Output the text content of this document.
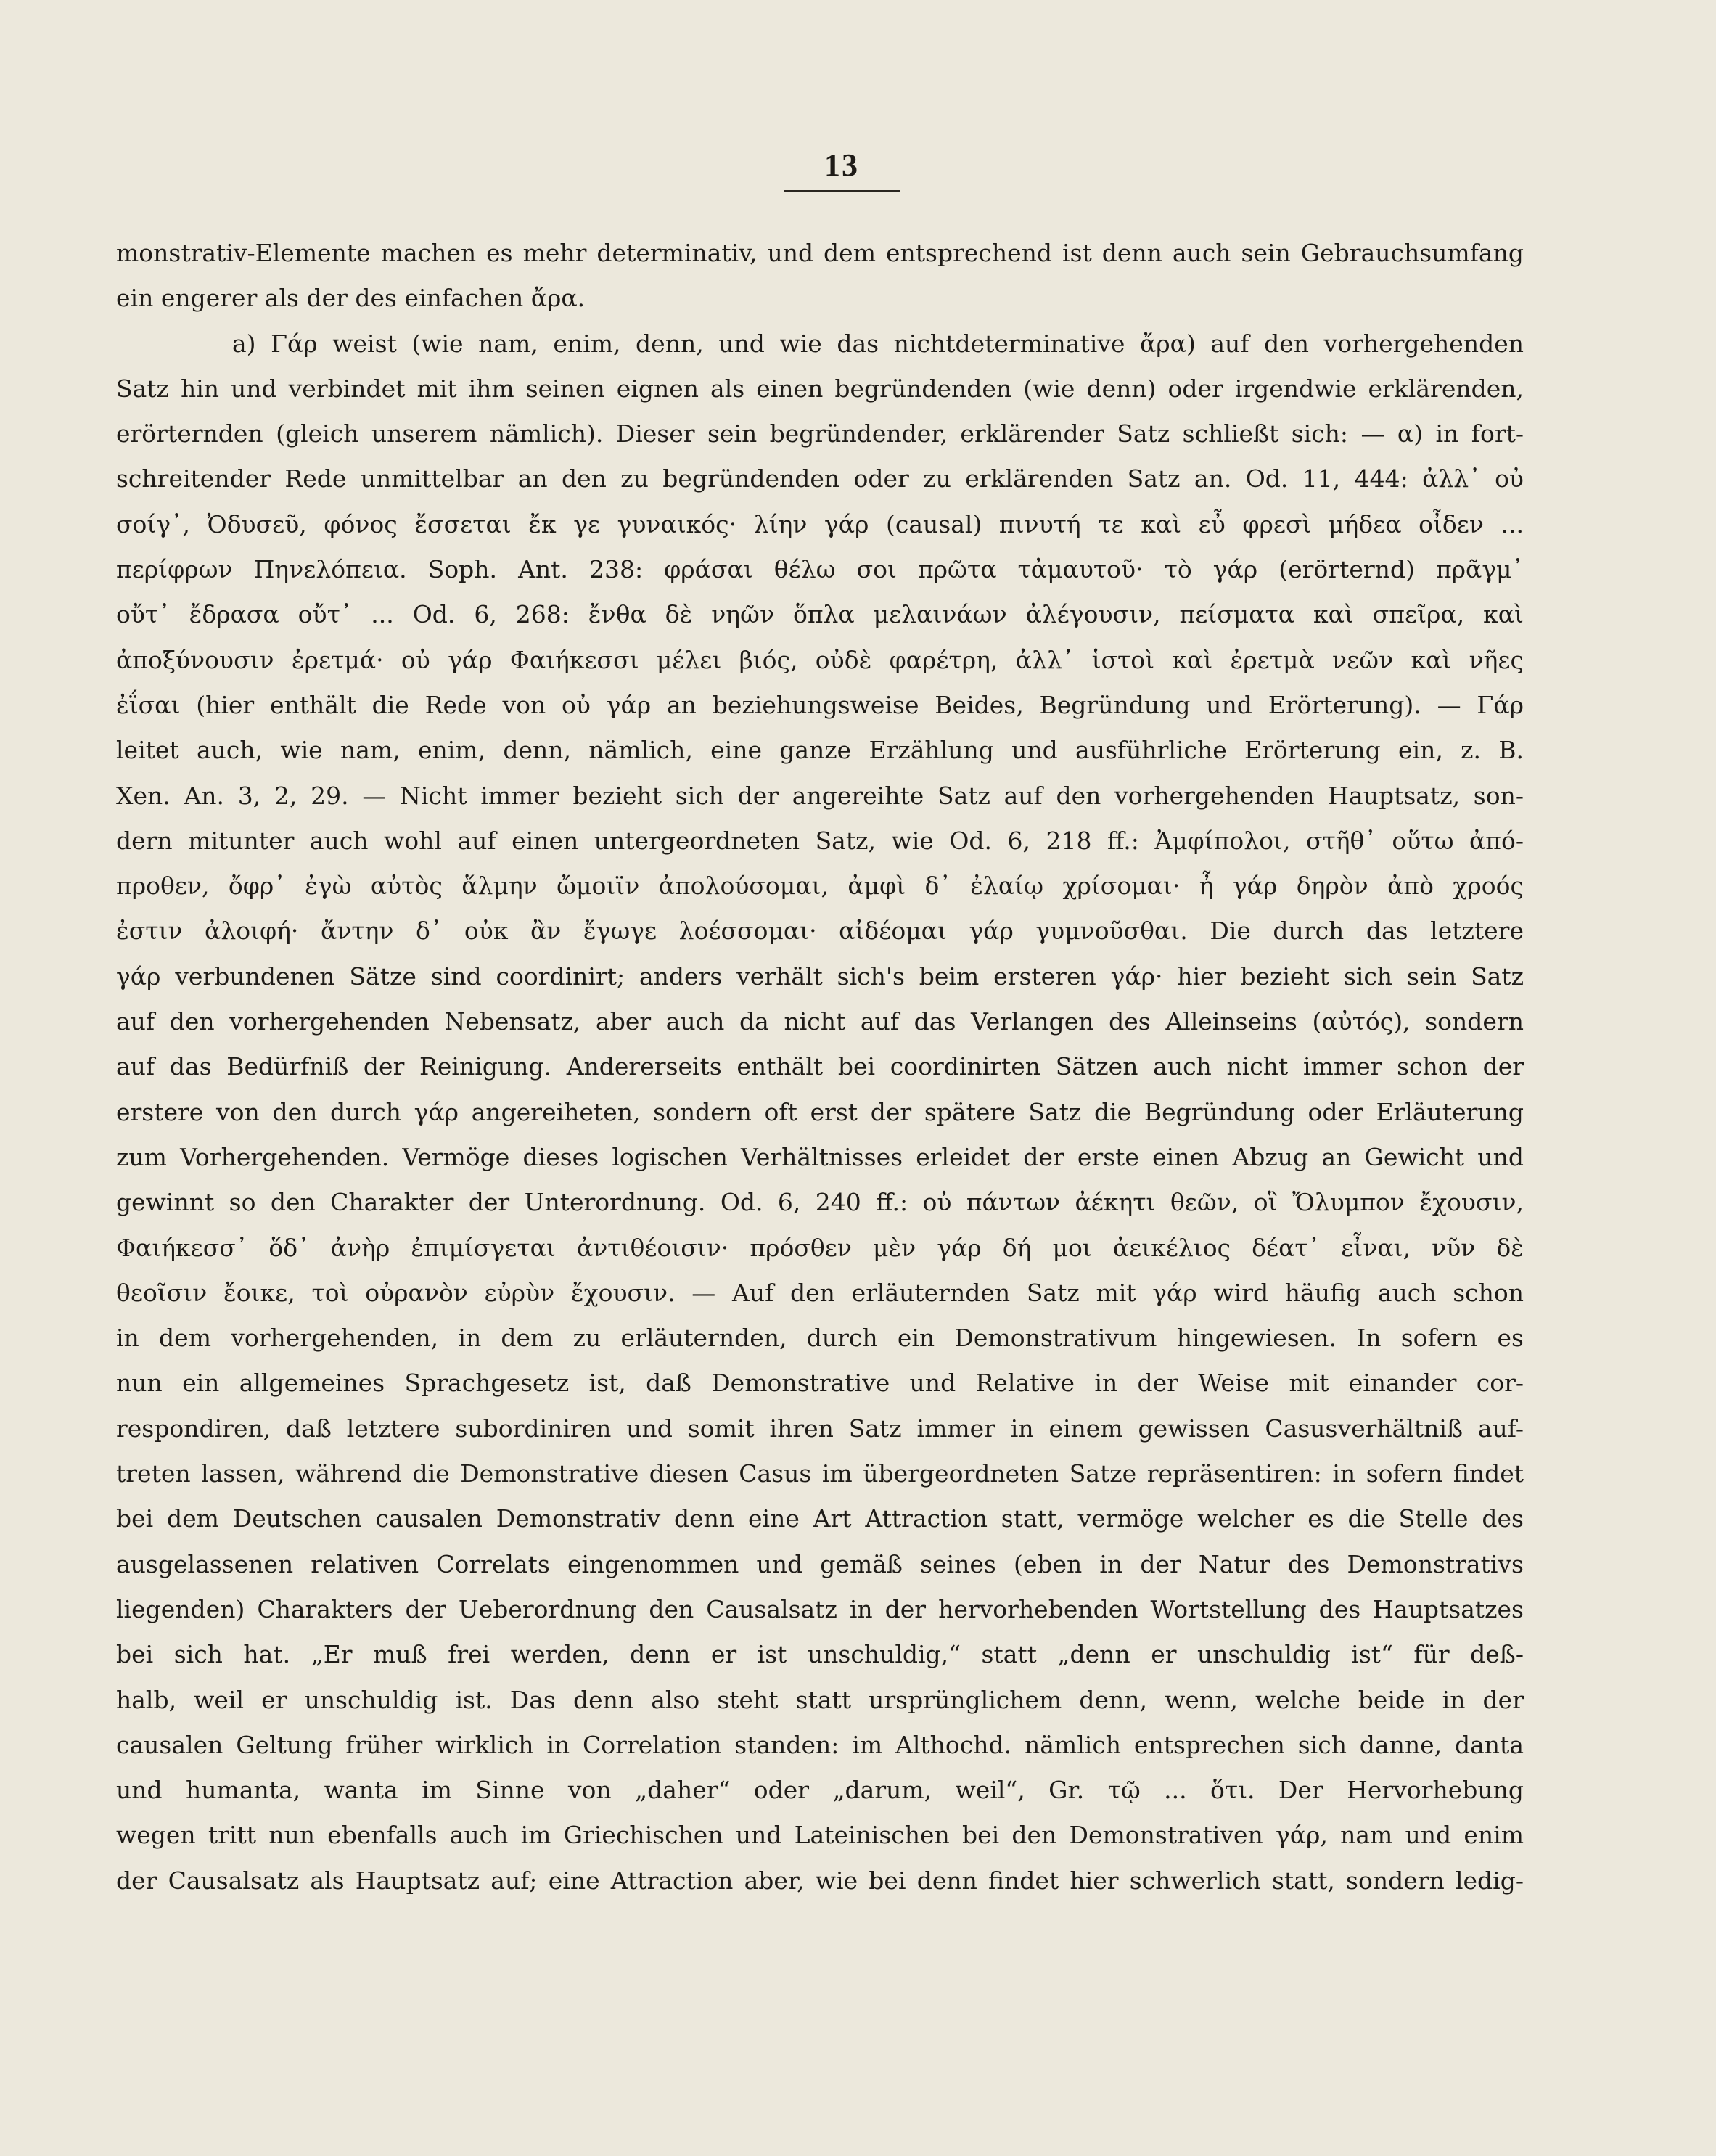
13
monstrativ-Elemente machen es mehr determinativ, und dem entsprechend ist denn auch sein Gebrauchsumfang
ein engerer als der des einfachen ἄρα.
a) Γάρ weist (wie nam, enim, denn, und wie das nichtdeterminative ἄρα) auf den vorhergehenden
Satz hin und verbindet mit ihm seinen eignen als einen begründenden (wie denn) oder irgendwie erklärenden,
erörternden (gleich unserem nämlich). Dieser sein begründender, erklärender Satz schließt sich: — α) in fort-
schreitender Rede unmittelbar an den zu begründenden oder zu erklärenden Satz an. Od. 11, 444: ἀλλ᾽ οὐ
σοίγ᾽, Ὀδυσεῦ, φόνος ἔσσεται ἔκ γε γυναικός· λίην γάρ (causal) πινυτή τε καὶ εὖ φρεσὶ μήδεα οἶδεν ...
περίφρων Πηνελόπεια. Soph. Ant. 238: φράσαι θέλω σοι πρῶτα τἀμαυτοῦ· τὸ γάρ (erörternd) πρᾶγμ᾽
οὔτ᾽ ἔδρασα οὔτ᾽ ... Od. 6, 268: ἔνθα δὲ νηῶν ὅπλα μελαινάων ἀλέγουσιν, πείσματα καὶ σπεῖρα, καὶ
ἀποξύνουσιν ἐρετμά· οὐ γάρ Φαιήκεσσι μέλει βιός, οὐδὲ φαρέτρη, ἀλλ᾽ ἱστοὶ καὶ ἐρετμὰ νεῶν καὶ νῆες
ἐΐσαι (hier enthält die Rede von οὐ γάρ an beziehungsweise Beides, Begründung und Erörterung). — Γάρ
leitet auch, wie nam, enim, denn, nämlich, eine ganze Erzählung und ausführliche Erörterung ein, z. B.
Xen. An. 3, 2, 29. — Nicht immer bezieht sich der angereihte Satz auf den vorhergehenden Hauptsatz, son-
dern mitunter auch wohl auf einen untergeordneten Satz, wie Od. 6, 218 ff.: Ἀμφίπολοι, στῆθ᾽ οὕτω ἀπό-
προθεν, ὄφρ᾽ ἐγὼ αὐτὸς ἅλμην ὤμοιϊν ἀπολούσομαι, ἀμφὶ δ᾽ ἐλαίῳ χρίσομαι· ἦ γάρ δηρὸν ἀπὸ χροός
ἐστιν ἀλοιφή· ἄντην δ᾽ οὐκ ἂν ἔγωγε λοέσσομαι· αἰδέομαι γάρ γυμνοῦσθαι. Die durch das letztere
γάρ verbundenen Sätze sind coordinirt; anders verhält sich's beim ersteren γάρ· hier bezieht sich sein Satz
auf den vorhergehenden Nebensatz, aber auch da nicht auf das Verlangen des Alleinseins (αὐτός), sondern
auf das Bedürfniß der Reinigung. Andererseits enthält bei coordinirten Sätzen auch nicht immer schon der
erstere von den durch γάρ angereiheten, sondern oft erst der spätere Satz die Begründung oder Erläuterung
zum Vorhergehenden. Vermöge dieses logischen Verhältnisses erleidet der erste einen Abzug an Gewicht und
gewinnt so den Charakter der Unterordnung. Od. 6, 240 ff.: οὐ πάντων ἀέκητι θεῶν, οἳ Ὄλυμπον ἔχουσιν,
Φαιήκεσσ᾽ ὅδ᾽ ἀνὴρ ἐπιμίσγεται ἀντιθέοισιν· πρόσθεν μὲν γάρ δή μοι ἀεικέλιος δέατ᾽ εἶναι, νῦν δὲ
θεοῖσιν ἔοικε, τοὶ οὐρανὸν εὐρὺν ἔχουσιν. — Auf den erläuternden Satz mit γάρ wird häufig auch schon
in dem vorhergehenden, in dem zu erläuternden, durch ein Demonstrativum hingewiesen. In sofern es
nun ein allgemeines Sprachgesetz ist, daß Demonstrative und Relative in der Weise mit einander cor-
respondiren, daß letztere subordiniren und somit ihren Satz immer in einem gewissen Casusverhältniß auf-
treten lassen, während die Demonstrative diesen Casus im übergeordneten Satze repräsentiren: in sofern findet
bei dem Deutschen causalen Demonstrativ denn eine Art Attraction statt, vermöge welcher es die Stelle des
ausgelassenen relativen Correlats eingenommen und gemäß seines (eben in der Natur des Demonstrativs
liegenden) Charakters der Ueberordnung den Causalsatz in der hervorhebenden Wortstellung des Hauptsatzes
bei sich hat. „Er muß frei werden, denn er ist unschuldig,“ statt „denn er unschuldig ist“ für deß-
halb, weil er unschuldig ist. Das denn also steht statt ursprünglichem denn, wenn, welche beide in der
causalen Geltung früher wirklich in Correlation standen: im Althochd. nämlich entsprechen sich danne, danta
und humanta, wanta im Sinne von „daher“ oder „darum, weil“, Gr. τῷ ... ὅτι. Der Hervorhebung
wegen tritt nun ebenfalls auch im Griechischen und Lateinischen bei den Demonstrativen γάρ, nam und enim
der Causalsatz als Hauptsatz auf; eine Attraction aber, wie bei denn findet hier schwerlich statt, sondern ledig-
